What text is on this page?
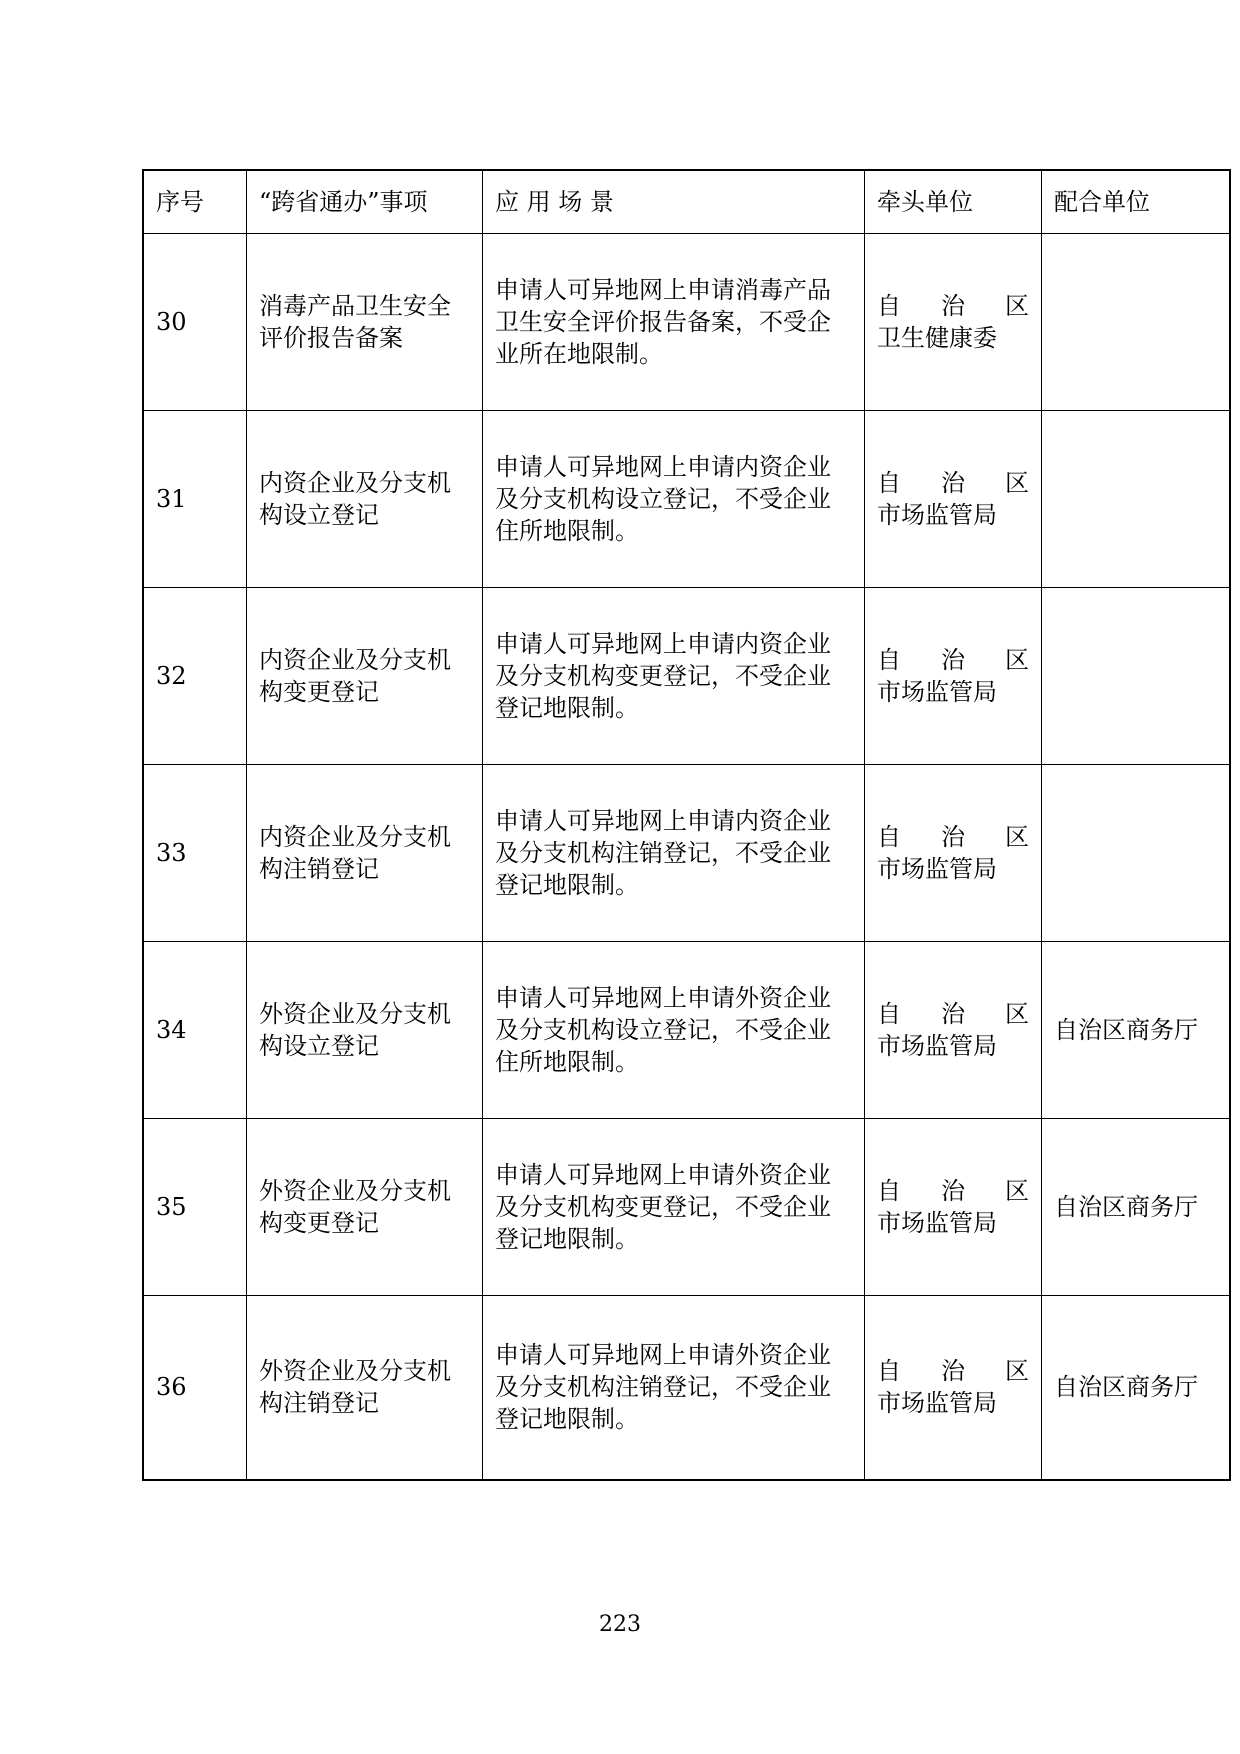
序号	“跨省通办”事项	应 用 场 景	牵头单位	配合单位
30	消毒产品卫生安全评价报告备案	申请人可异地网上申请消毒产品卫生安全评价报告备案，不受企业所在地限制。	自 治 区
卫生健康委	

31	内资企业及分支机构设立登记	申请人可异地网上申请内资企业及分支机构设立登记，不受企业住所地限制。	自 治 区
市场监管局	

32	内资企业及分支机构变更登记	申请人可异地网上申请内资企业及分支机构变更登记，不受企业登记地限制。	自 治 区
市场监管局	

33	内资企业及分支机构注销登记	申请人可异地网上申请内资企业及分支机构注销登记，不受企业登记地限制。	自 治 区
市场监管局	

34	外资企业及分支机构设立登记	申请人可异地网上申请外资企业及分支机构设立登记，不受企业住所地限制。	自 治 区
市场监管局	自治区商务厅
35	外资企业及分支机构变更登记	申请人可异地网上申请外资企业及分支机构变更登记，不受企业登记地限制。	自 治 区
市场监管局	自治区商务厅
36	外资企业及分支机构注销登记	申请人可异地网上申请外资企业及分支机构注销登记，不受企业登记地限制。	自 治 区
市场监管局	自治区商务厅
223
